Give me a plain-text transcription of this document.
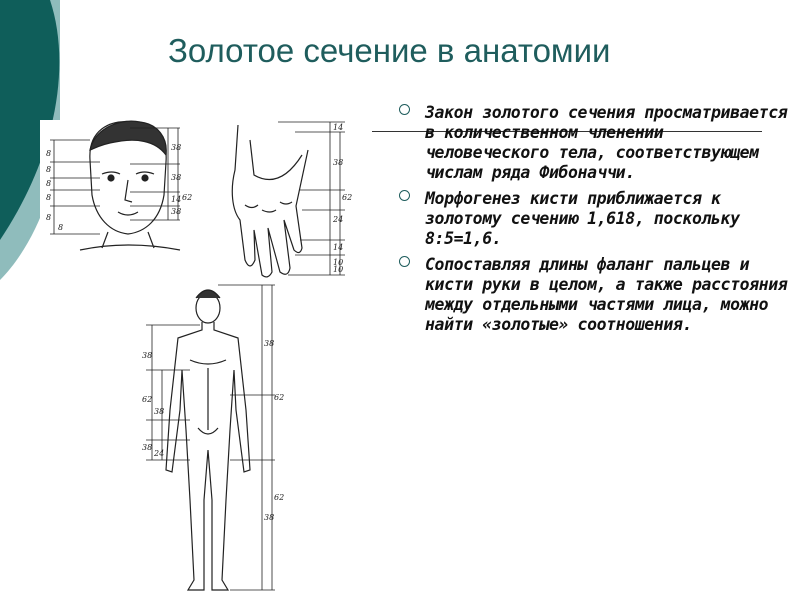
Золотое сечение в анатомии
8
8
8
8
8
8
38
38
14
38
62
14
38
62
24
14
10
10
38
62
38
38
24
38
62
38
62
Закон золотого сечения просматривается в количественном членении человеческого тела, соответствующем числам ряда Фибоначчи.
Морфогенез кисти приближается к золотому сечению 1,618, поскольку 8:5=1,6.
Сопоставляя длины фаланг пальцев и кисти руки в целом, а также расстояния между отдельными частями лица, можно найти «золотые» соотношения.
